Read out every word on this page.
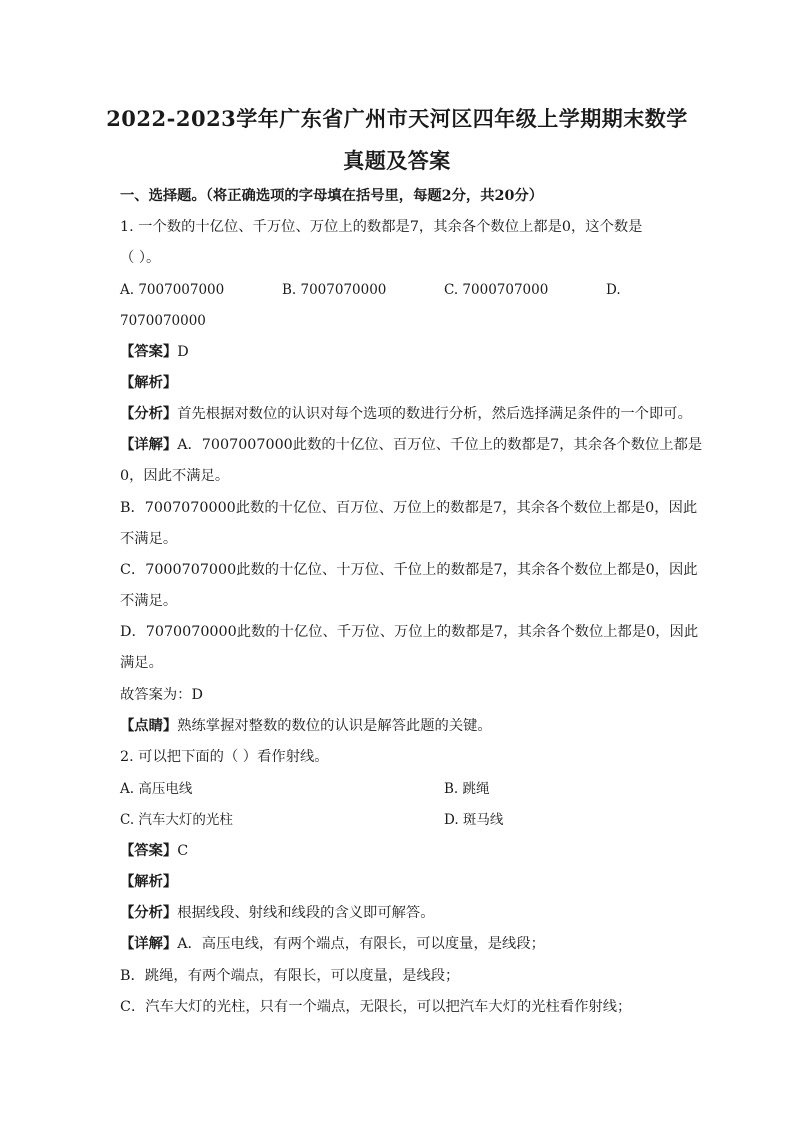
2022-2023学年广东省广州市天河区四年级上学期期末数学
真题及答案
一、选择题。（将正确选项的字母填在括号里，每题2分，共20分）
1. 一个数的十亿位、千万位、万位上的数都是7，其余各个数位上都是0，这个数是
（ ）。
A. 7007007000	B. 7007070000	C. 7000707000	D.
7070070000
【答案】D
【解析】
【分析】首先根据对数位的认识对每个选项的数进行分析，然后选择满足条件的一个即可。
【详解】A．7007007000此数的十亿位、百万位、千位上的数都是7，其余各个数位上都是
0，因此不满足。
B．7007070000此数的十亿位、百万位、万位上的数都是7，其余各个数位上都是0，因此
不满足。
C．7000707000此数的十亿位、十万位、千位上的数都是7，其余各个数位上都是0，因此
不满足。
D．7070070000此数的十亿位、千万位、万位上的数都是7，其余各个数位上都是0，因此
满足。
故答案为：D
【点睛】熟练掌握对整数的数位的认识是解答此题的关键。
2. 可以把下面的（ ）看作射线。
A. 高压电线	B. 跳绳
C. 汽车大灯的光柱	D. 斑马线
【答案】C
【解析】
【分析】根据线段、射线和线段的含义即可解答。
【详解】A．高压电线，有两个端点，有限长，可以度量，是线段；
B．跳绳，有两个端点，有限长，可以度量，是线段；
C．汽车大灯的光柱，只有一个端点，无限长，可以把汽车大灯的光柱看作射线；
